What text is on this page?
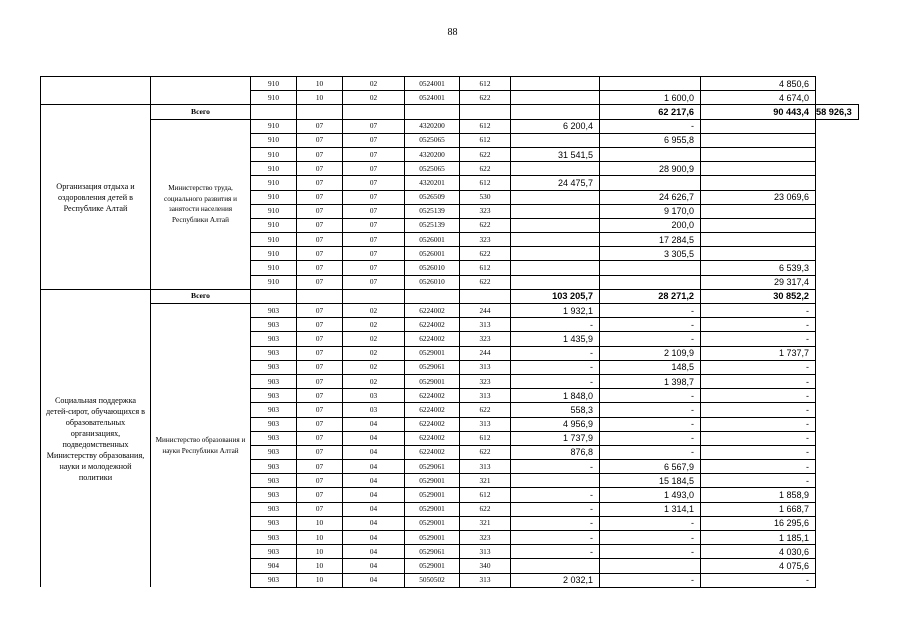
88
		910	10	02	0524001	612			4 850,6	
		910	10	02	0524001	622		1 600,0	4 674,0	
Организация отдыха и оздоровления детей в Республике Алтай	Всего							62 217,6	90 443,4	58 926,3
	Министерство труда, социального развития и занятости населения Республики Алтай	910	07	07	4320200	612	6 200,4	-		
		910	07	07	0525065	612		6 955,8		
		910	07	07	4320200	622	31 541,5			
		910	07	07	0525065	622		28 900,9		
		910	07	07	4320201	612	24 475,7			
		910	07	07	0526509	530		24 626,7	23 069,6	
		910	07	07	0525139	323		9 170,0		
		910	07	07	0525139	622		200,0		
		910	07	07	0526001	323		17 284,5		
		910	07	07	0526001	622		3 305,5		
		910	07	07	0526010	612			6 539,3	
		910	07	07	0526010	622			29 317,4	
Социальная поддержка детей-сирот, обучающихся в образовательных организациях, подведомственных Министерству образования, науки и молодежной политики	Всего						103 205,7	28 271,2	30 852,2	
	Министерство образования и науки Республики Алтай	903	07	02	6224002	244	1 932,1	-	-	
		903	07	02	6224002	313	-	-	-	
		903	07	02	6224002	323	1 435,9	-	-	
		903	07	02	0529001	244	-	2 109,9	1 737,7	
		903	07	02	0529061	313	-	148,5	-	
		903	07	02	0529001	323	-	1 398,7	-	
		903	07	03	6224002	313	1 848,0	-	-	
		903	07	03	6224002	622	558,3	-	-	
		903	07	04	6224002	313	4 956,9	-	-	
		903	07	04	6224002	612	1 737,9	-	-	
		903	07	04	6224002	622	876,8	-	-	
		903	07	04	0529061	313	-	6 567,9	-	
		903	07	04	0529001	321		15 184,5	-	
		903	07	04	0529001	612	-	1 493,0	1 858,9	
		903	07	04	0529001	622	-	1 314,1	1 668,7	
		903	10	04	0529001	321	-	-	16 295,6	
		903	10	04	0529001	323	-	-	1 185,1	
		903	10	04	0529061	313	-	-	4 030,6	
		904	10	04	0529001	340			4 075,6	
		903	10	04	5050502	313	2 032,1	-	-	
